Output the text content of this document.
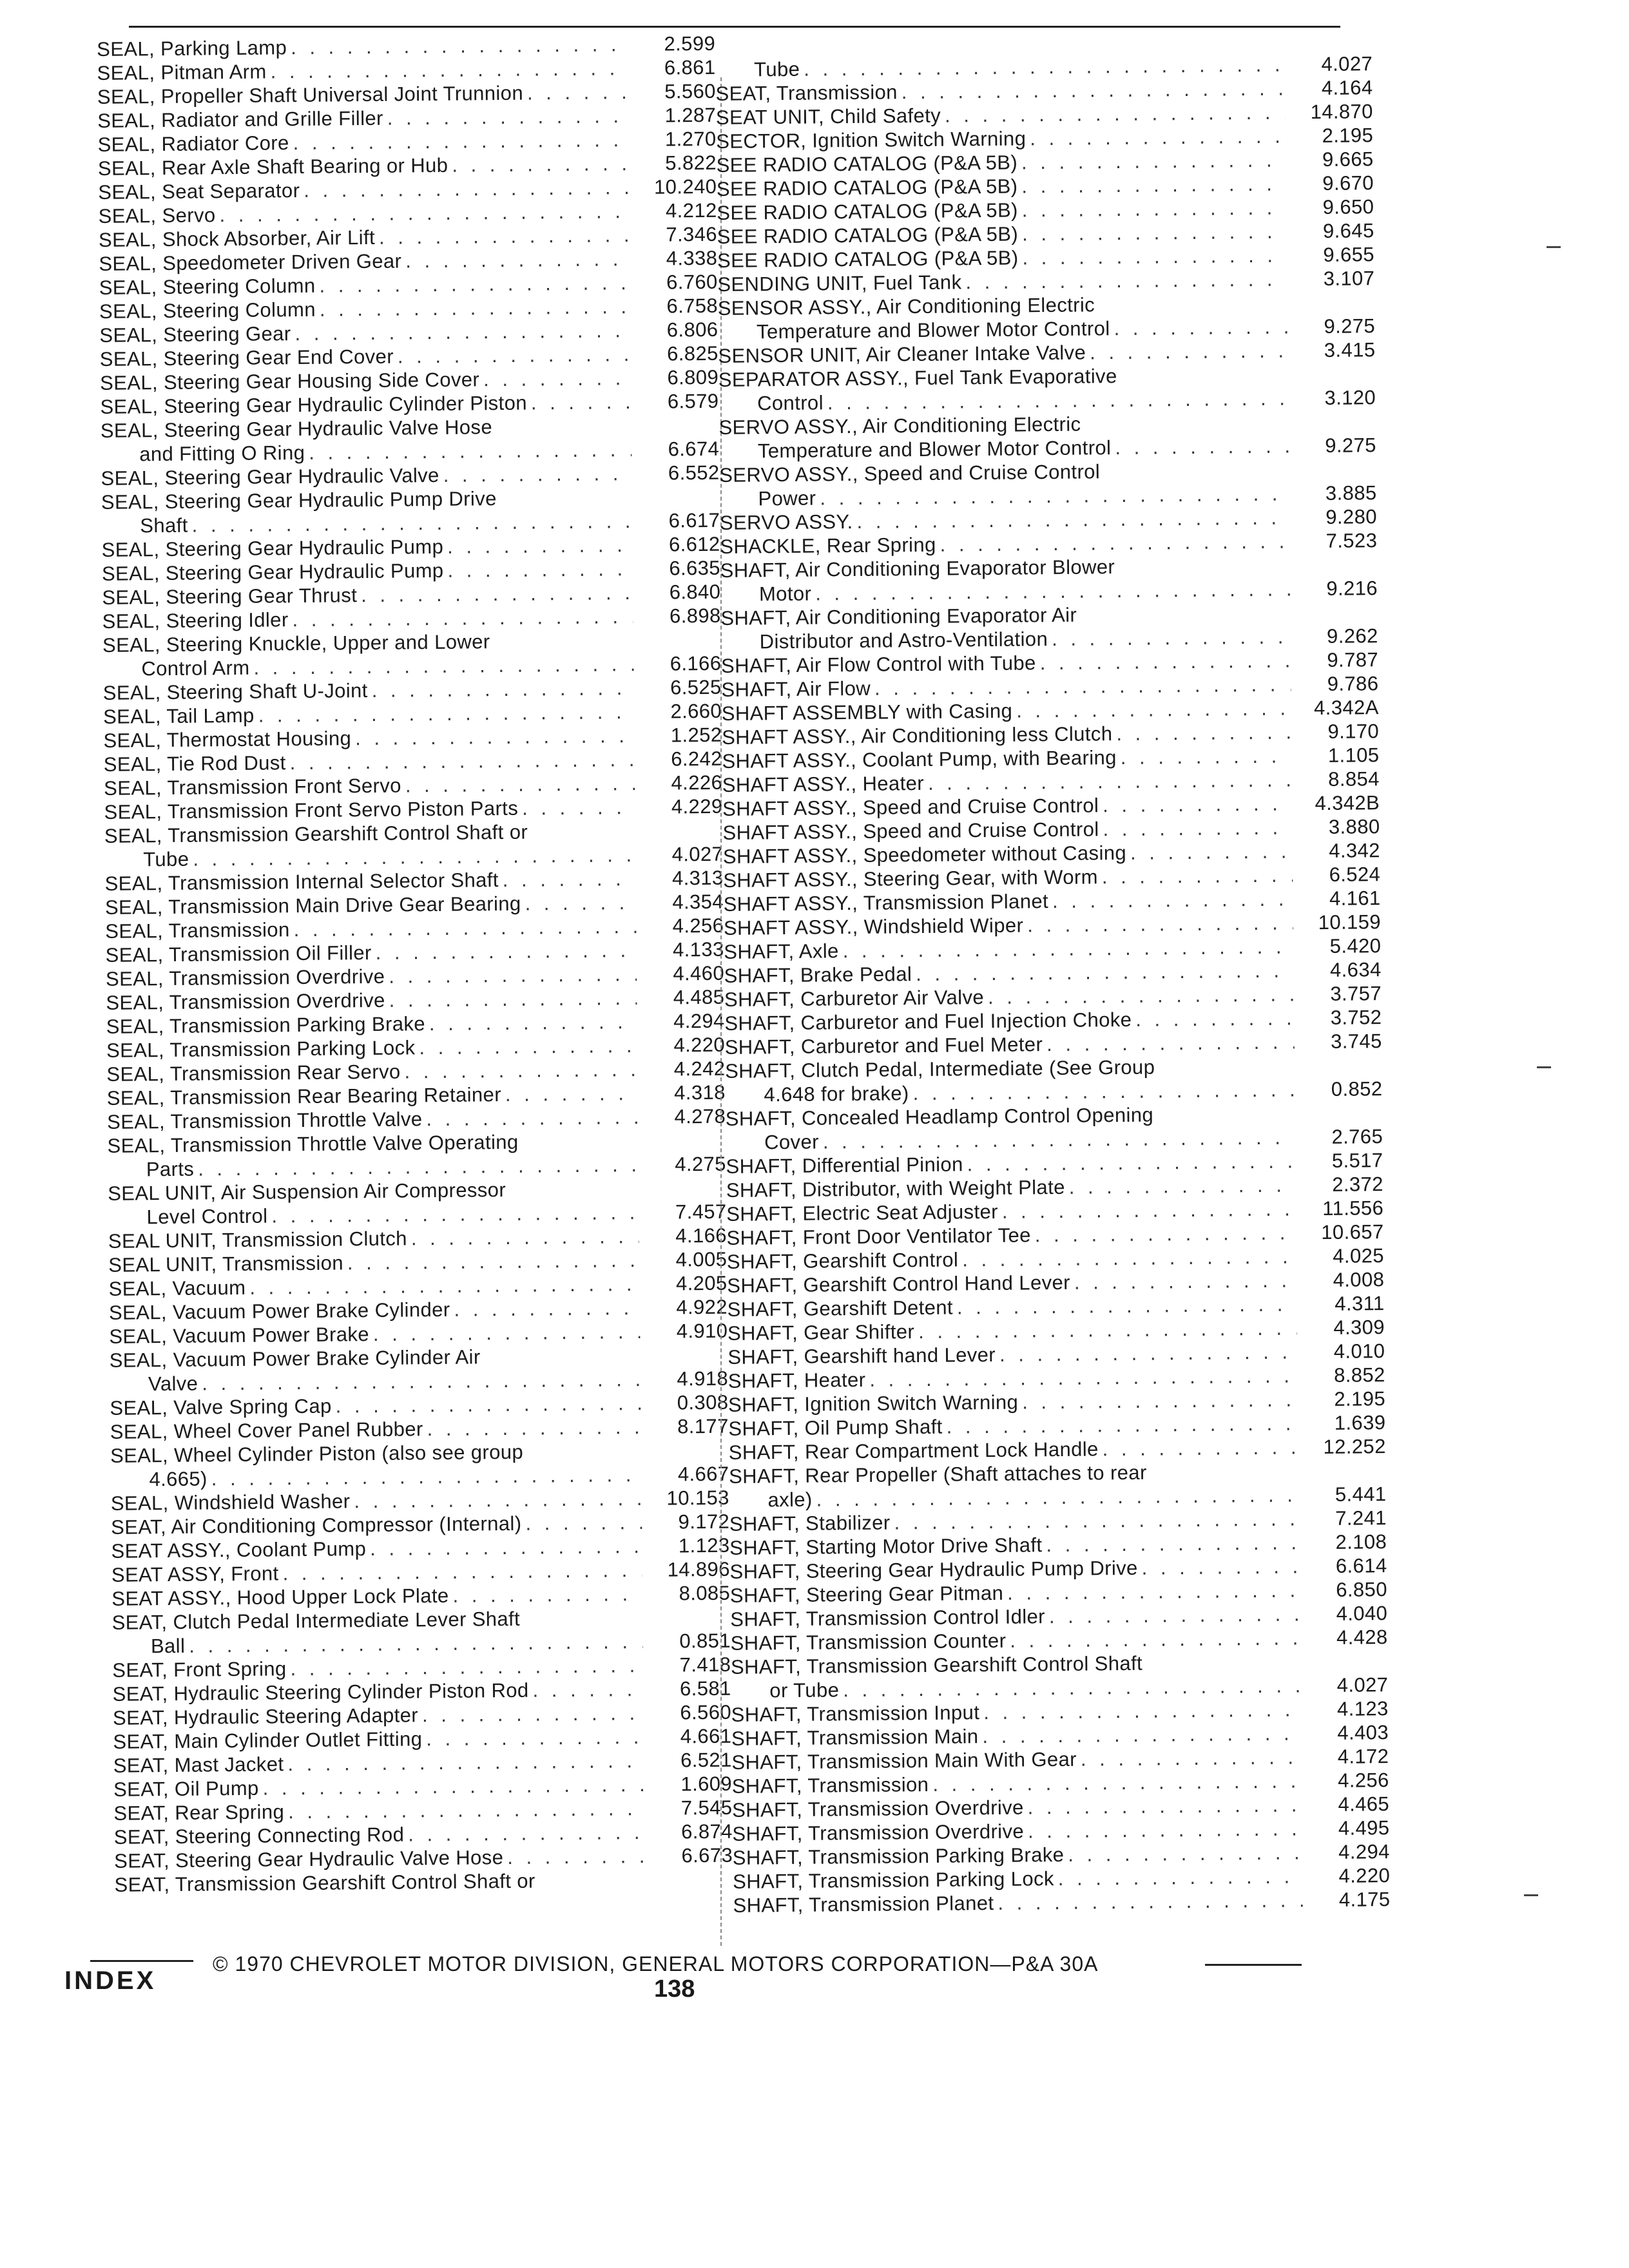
SEAL, Parking Lamp . . .	2.599
SEAL, Pitman Arm . . .	6.861
SEAL, Propeller Shaft Universal Joint Trunnion . . .	5.560
SEAL, Radiator and Grille Filler . . .	1.287
SEAL, Radiator Core . . .	1.270
SEAL, Rear Axle Shaft Bearing or Hub . . .	5.822
SEAL, Seat Separator . . .	10.240
SEAL, Servo . . .	4.212
SEAL, Shock Absorber, Air Lift . . .	7.346
SEAL, Speedometer Driven Gear . . .	4.338
SEAL, Steering Column . . .	6.760
SEAL, Steering Column . . .	6.758
SEAL, Steering Gear . . .	6.806
SEAL, Steering Gear End Cover . . .	6.825
SEAL, Steering Gear Housing Side Cover . . .	6.809
SEAL, Steering Gear Hydraulic Cylinder Piston . . .	6.579
SEAL, Steering Gear Hydraulic Valve Hose
and Fitting O Ring . . .	6.674
SEAL, Steering Gear Hydraulic Valve . . .	6.552
SEAL, Steering Gear Hydraulic Pump Drive
Shaft . . .	6.617
SEAL, Steering Gear Hydraulic Pump . . .	6.612
SEAL, Steering Gear Hydraulic Pump . . .	6.635
SEAL, Steering Gear Thrust . . .	6.840
SEAL, Steering Idler . . .	6.898
SEAL, Steering Knuckle, Upper and Lower
Control Arm . . .	6.166
SEAL, Steering Shaft U-Joint . . .	6.525
SEAL, Tail Lamp . . .	2.660
SEAL, Thermostat Housing . . .	1.252
SEAL, Tie Rod Dust . . .	6.242
SEAL, Transmission Front Servo . . .	4.226
SEAL, Transmission Front Servo Piston Parts . . .	4.229
SEAL, Transmission Gearshift Control Shaft or
Tube . . .	4.027
SEAL, Transmission Internal Selector Shaft . . .	4.313
SEAL, Transmission Main Drive Gear Bearing . . .	4.354
SEAL, Transmission . . .	4.256
SEAL, Transmission Oil Filler . . .	4.133
SEAL, Transmission Overdrive . . .	4.460
SEAL, Transmission Overdrive . . .	4.485
SEAL, Transmission Parking Brake . . .	4.294
SEAL, Transmission Parking Lock . . .	4.220
SEAL, Transmission Rear Servo . . .	4.242
SEAL, Transmission Rear Bearing Retainer . . .	4.318
SEAL, Transmission Throttle Valve . . .	4.278
SEAL, Transmission Throttle Valve Operating
Parts . . .	4.275
SEAL UNIT, Air Suspension Air Compressor
Level Control . . .	7.457
SEAL UNIT, Transmission Clutch . . .	4.166
SEAL UNIT, Transmission . . .	4.005
SEAL, Vacuum . . .	4.205
SEAL, Vacuum Power Brake Cylinder . . .	4.922
SEAL, Vacuum Power Brake . . .	4.910
SEAL, Vacuum Power Brake Cylinder Air
Valve . . .	4.918
SEAL, Valve Spring Cap . . .	0.308
SEAL, Wheel Cover Panel Rubber . . .	8.177
SEAL, Wheel Cylinder Piston (also see group
4.665) . . .	4.667
SEAL, Windshield Washer . . .	10.153
SEAT, Air Conditioning Compressor (Internal) . . .	9.172
SEAT ASSY., Coolant Pump . . .	1.123
SEAT ASSY, Front . . .	14.896
SEAT ASSY., Hood Upper Lock Plate . . .	8.085
SEAT, Clutch Pedal Intermediate Lever Shaft
Ball . . .	0.851
SEAT, Front Spring . . .	7.418
SEAT, Hydraulic Steering Cylinder Piston Rod . . .	6.581
SEAT, Hydraulic Steering Adapter . . .	6.560
SEAT, Main Cylinder Outlet Fitting . . .	4.661
SEAT, Mast Jacket . . .	6.521
SEAT, Oil Pump . . .	1.609
SEAT, Rear Spring . . .	7.545
SEAT, Steering Connecting Rod . . .	6.874
SEAT, Steering Gear Hydraulic Valve Hose . . .	6.673
SEAT, Transmission Gearshift Control Shaft or
Tube . . .	4.027
SEAT, Transmission . . .	4.164
SEAT UNIT, Child Safety . . .	14.870
SECTOR, Ignition Switch Warning . . .	2.195
SEE RADIO CATALOG (P&A 5B) . . .	9.665
SEE RADIO CATALOG (P&A 5B) . . .	9.670
SEE RADIO CATALOG (P&A 5B) . . .	9.650
SEE RADIO CATALOG (P&A 5B) . . .	9.645
SEE RADIO CATALOG (P&A 5B) . . .	9.655
SENDING UNIT, Fuel Tank . . .	3.107
SENSOR ASSY., Air Conditioning Electric
Temperature and Blower Motor Control . . .	9.275
SENSOR UNIT, Air Cleaner Intake Valve . . .	3.415
SEPARATOR ASSY., Fuel Tank Evaporative
Control . . .	3.120
SERVO ASSY., Air Conditioning Electric
Temperature and Blower Motor Control . . .	9.275
SERVO ASSY., Speed and Cruise Control
Power . . .	3.885
SERVO ASSY. . . .	9.280
SHACKLE, Rear Spring . . .	7.523
SHAFT, Air Conditioning Evaporator Blower
Motor . . .	9.216
SHAFT, Air Conditioning Evaporator Air
Distributor and Astro-Ventilation . . .	9.262
SHAFT, Air Flow Control with Tube . . .	9.787
SHAFT, Air Flow . . .	9.786
SHAFT ASSEMBLY with Casing . . .	4.342A
SHAFT ASSY., Air Conditioning less Clutch . . .	9.170
SHAFT ASSY., Coolant Pump, with Bearing . . .	1.105
SHAFT ASSY., Heater . . .	8.854
SHAFT ASSY., Speed and Cruise Control . . .	4.342B
SHAFT ASSY., Speed and Cruise Control . . .	3.880
SHAFT ASSY., Speedometer without Casing . . .	4.342
SHAFT ASSY., Steering Gear, with Worm . . .	6.524
SHAFT ASSY., Transmission Planet . . .	4.161
SHAFT ASSY., Windshield Wiper . . .	10.159
SHAFT, Axle . . .	5.420
SHAFT, Brake Pedal . . .	4.634
SHAFT, Carburetor Air Valve . . .	3.757
SHAFT, Carburetor and Fuel Injection Choke . . .	3.752
SHAFT, Carburetor and Fuel Meter . . .	3.745
SHAFT, Clutch Pedal, Intermediate (See Group
4.648 for brake) . . .	0.852
SHAFT, Concealed Headlamp Control Opening
Cover . . .	2.765
SHAFT, Differential Pinion . . .	5.517
SHAFT, Distributor, with Weight Plate . . .	2.372
SHAFT, Electric Seat Adjuster . . .	11.556
SHAFT, Front Door Ventilator Tee . . .	10.657
SHAFT, Gearshift Control . . .	4.025
SHAFT, Gearshift Control Hand Lever . . .	4.008
SHAFT, Gearshift Detent . . .	4.311
SHAFT, Gear Shifter . . .	4.309
SHAFT, Gearshift hand Lever . . .	4.010
SHAFT, Heater . . .	8.852
SHAFT, Ignition Switch Warning . . .	2.195
SHAFT, Oil Pump Shaft . . .	1.639
SHAFT, Rear Compartment Lock Handle . . .	12.252
SHAFT, Rear Propeller (Shaft attaches to rear
axle) . . .	5.441
SHAFT, Stabilizer . . .	7.241
SHAFT, Starting Motor Drive Shaft . . .	2.108
SHAFT, Steering Gear Hydraulic Pump Drive . . .	6.614
SHAFT, Steering Gear Pitman . . .	6.850
SHAFT, Transmission Control Idler . . .	4.040
SHAFT, Transmission Counter . . .	4.428
SHAFT, Transmission Gearshift Control Shaft
or Tube . . .	4.027
SHAFT, Transmission Input . . .	4.123
SHAFT, Transmission Main . . .	4.403
SHAFT, Transmission Main With Gear . . .	4.172
SHAFT, Transmission . . .	4.256
SHAFT, Transmission Overdrive . . .	4.465
SHAFT, Transmission Overdrive . . .	4.495
SHAFT, Transmission Parking Brake . . .	4.294
SHAFT, Transmission Parking Lock . . .	4.220
SHAFT, Transmission Planet . . .	4.175
INDEX
© 1970 CHEVROLET MOTOR DIVISION, GENERAL MOTORS CORPORATION—P&A 30A
138
